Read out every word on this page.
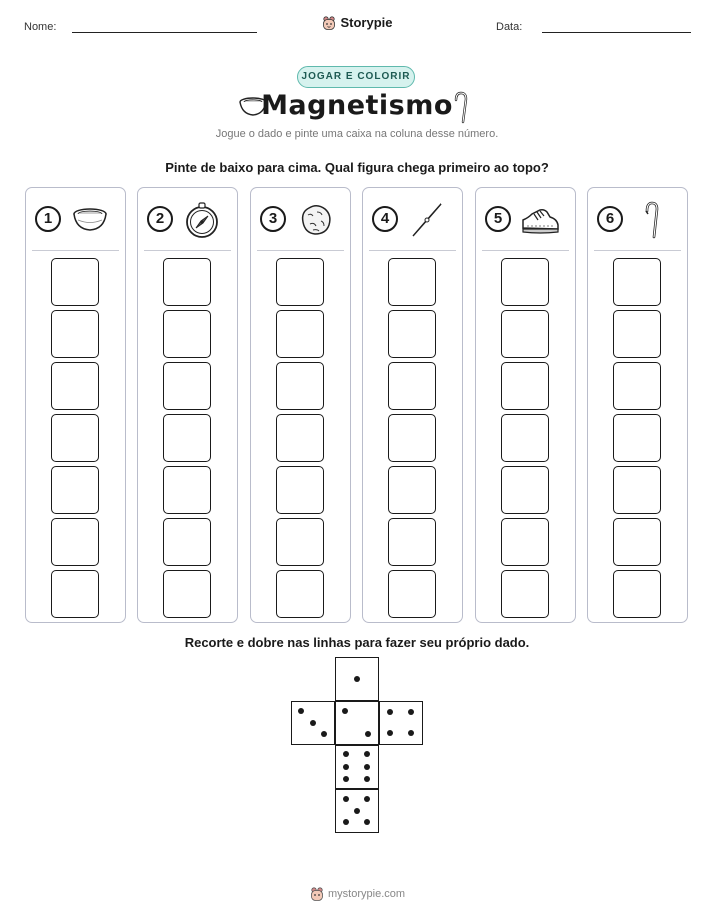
Nome:	Data:
Storypie
JOGAR E COLORIR
Magnetismo
Jogue o dado e pinte uma caixa na coluna desse número.
Pinte de baixo para cima. Qual figura chega primeiro ao topo?
1	2	3	4	5	6
Recorte e dobre nas linhas para fazer seu próprio dado.
mystorypie.com
